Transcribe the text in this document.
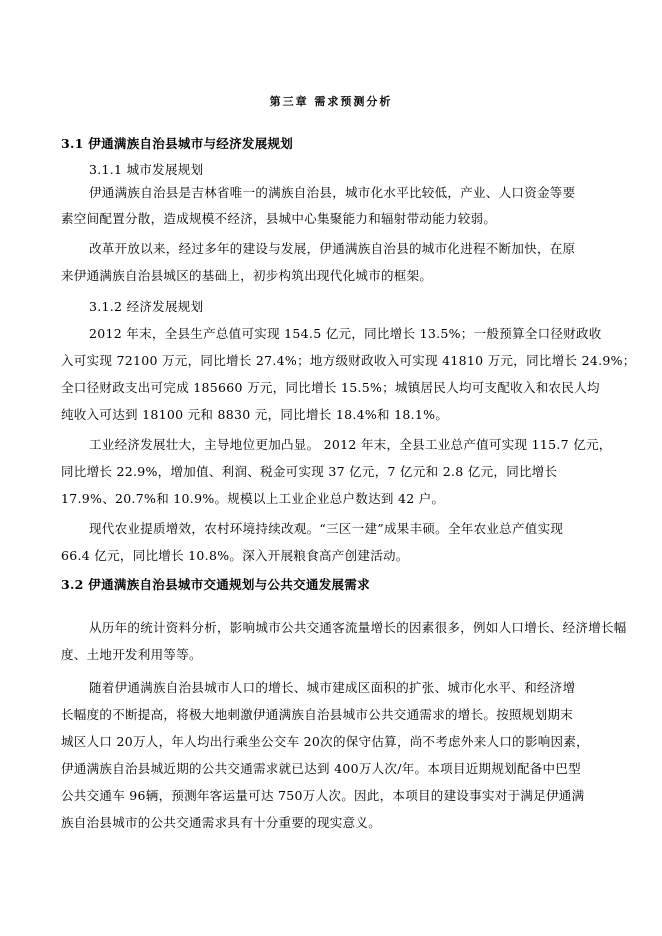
第三章 需求预测分析
3.1 伊通满族自治县城市与经济发展规划
3.1.1 城市发展规划
伊通满族自治县是吉林省唯一的满族自治县，城市化水平比较低，产业、人口资金等要
素空间配置分散，造成规模不经济，县城中心集聚能力和辐射带动能力较弱。
改革开放以来，经过多年的建设与发展，伊通满族自治县的城市化进程不断加快，在原
来伊通满族自治县城区的基础上，初步构筑出现代化城市的框架。
3.1.2 经济发展规划
2012 年末，全县生产总值可实现 154.5 亿元，同比增长 13.5%；一般预算全口径财政收
入可实现 72100 万元，同比增长 27.4%；地方级财政收入可实现 41810 万元，同比增长 24.9%；
全口径财政支出可完成 185660 万元，同比增长 15.5%；城镇居民人均可支配收入和农民人均
纯收入可达到 18100 元和 8830 元，同比增长 18.4%和 18.1%。
工业经济发展壮大，主导地位更加凸显。 2012 年末，全县工业总产值可实现 115.7 亿元，
同比增长 22.9%，增加值、利润、税金可实现 37 亿元，7 亿元和 2.8 亿元，同比增长
17.9%、20.7%和 10.9%。规模以上工业企业总户数达到 42 户。
现代农业提质增效，农村环境持续改观。“三区一建”成果丰硕。全年农业总产值实现
66.4 亿元，同比增长 10.8%。深入开展粮食高产创建活动。
3.2 伊通满族自治县城市交通规划与公共交通发展需求
从历年的统计资料分析，影响城市公共交通客流量增长的因素很多，例如人口增长、经济增长幅
度、土地开发利用等等。
随着伊通满族自治县城市人口的增长、城市建成区面积的扩张、城市化水平、和经济增
长幅度的不断提高，将极大地刺激伊通满族自治县城市公共交通需求的增长。按照规划期末
城区人口 20万人，年人均出行乘坐公交车 20次的保守估算，尚不考虑外来人口的影响因素，
伊通满族自治县城近期的公共交通需求就已达到 400万人次/年。本项目近期规划配备中巴型
公共交通车 96辆，预测年客运量可达 750万人次。因此，本项目的建设事实对于满足伊通满
族自治县城市的公共交通需求具有十分重要的现实意义。
